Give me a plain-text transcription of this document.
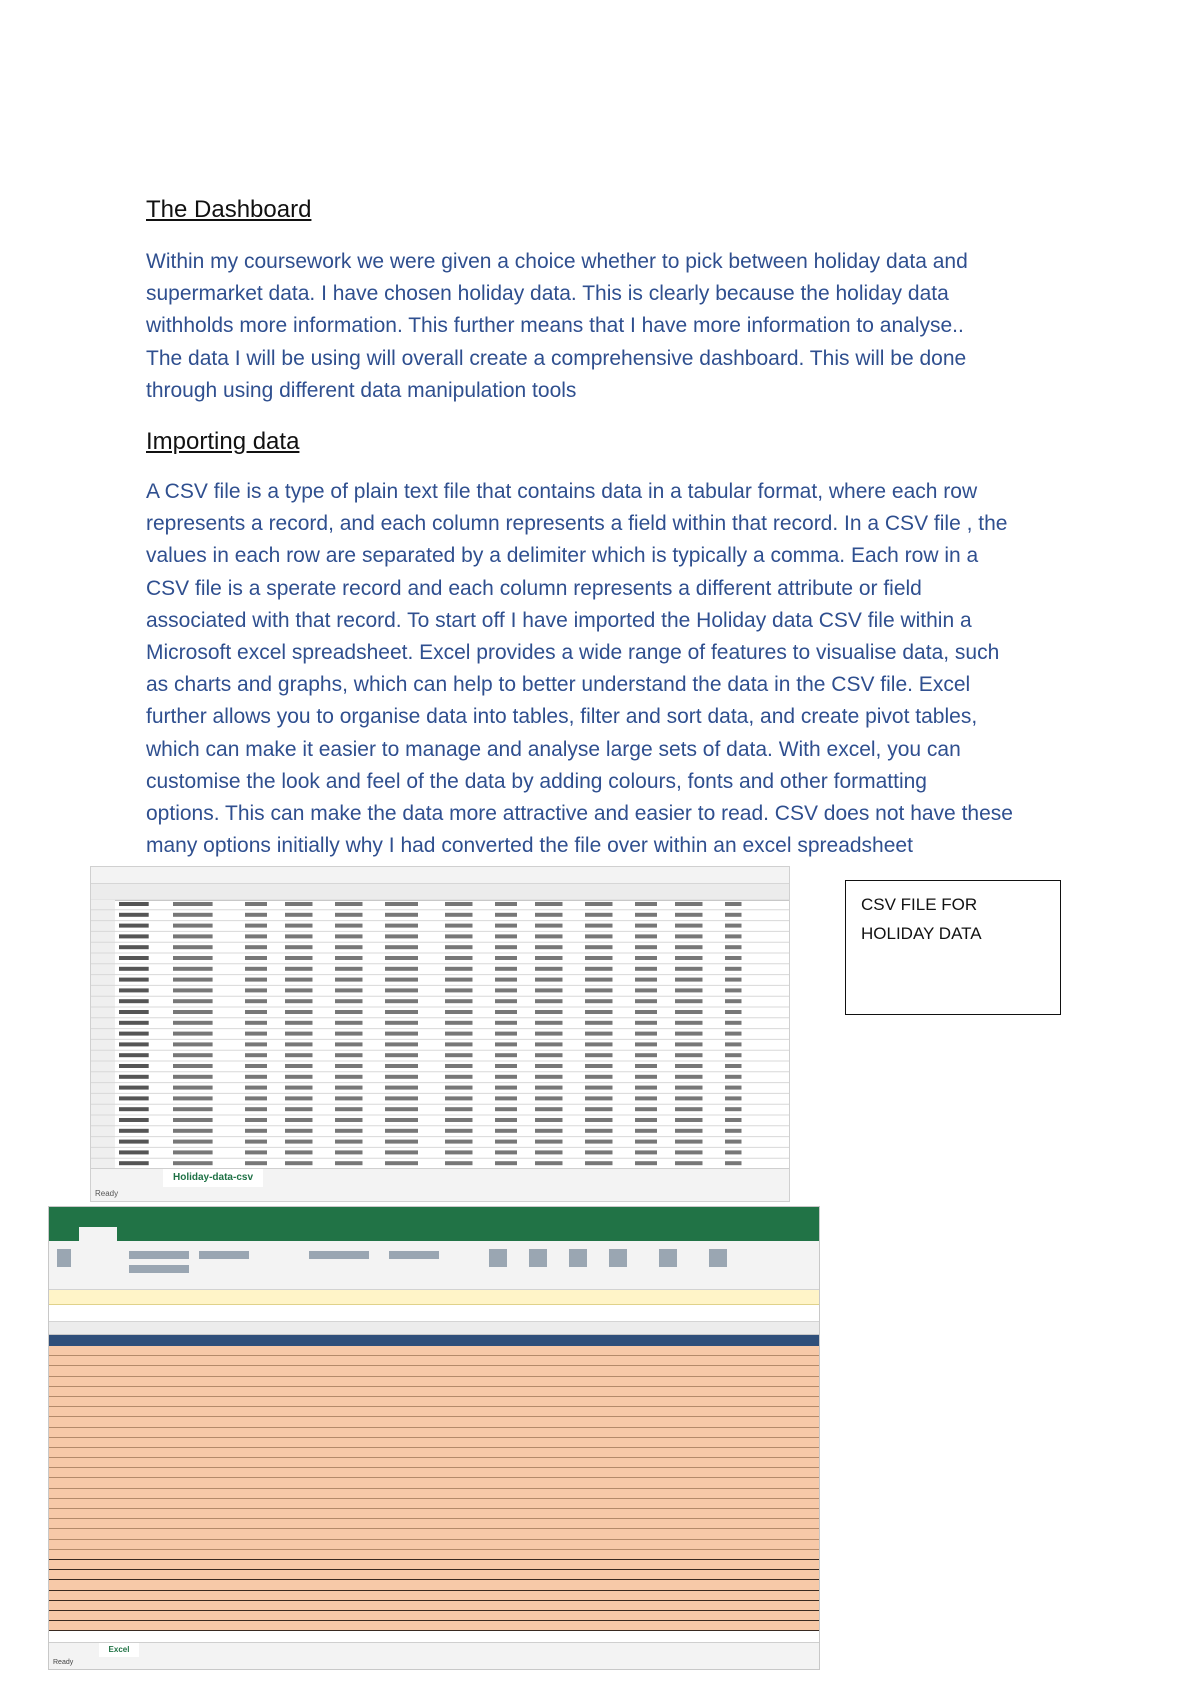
The Dashboard
Within my coursework we were given a choice whether to pick between holiday data and
supermarket data. I have chosen holiday data. This is clearly because the holiday data
withholds more information. This further means that I have more information to analyse..
The data I will be using will overall create a comprehensive dashboard. This will be done
through using different data manipulation tools
Importing data
A CSV file is a type of plain text file that contains data in a tabular format, where each row
represents a record, and each column represents a field within that record. In a CSV file , the
values in each row are separated by a delimiter which is typically a comma. Each row in a
CSV file is a sperate record and each column represents a different attribute or field
associated with that record. To start off I have imported the Holiday data CSV file within a
Microsoft excel spreadsheet. Excel provides a wide range of features to visualise data, such
as charts and graphs, which can help to better understand the data in the CSV file. Excel
further allows you to organise data into tables, filter and sort data, and create pivot tables,
which can make it easier to manage and analyse large sets of data. With excel, you can
customise the look and feel of the data by adding colours, fonts and other formatting
options. This can make the data more attractive and easier to read. CSV does not have these
many options initially why I had converted the file over within an excel spreadsheet
Holiday-data-csv
Ready
CSV FILE FOR
HOLIDAY DATA
Excel
Ready
